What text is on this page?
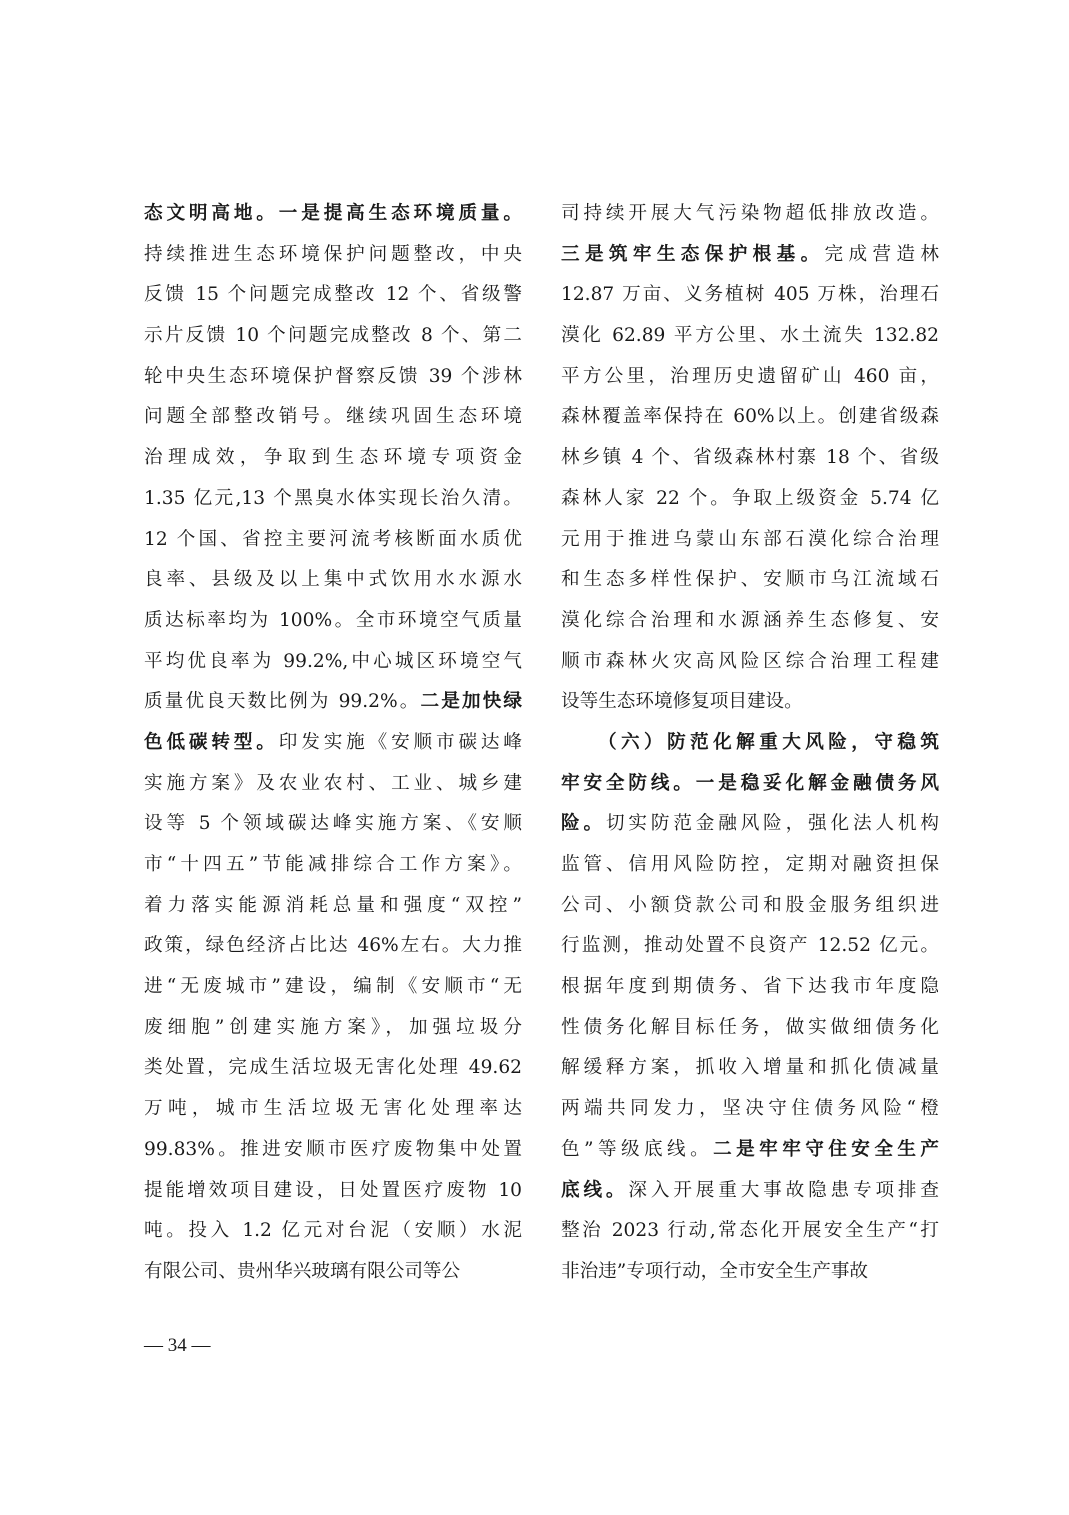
态文明高地。一是提高生态环境质量。
持续推进生态环境保护问题整改，中央
反馈 15 个问题完成整改 12 个、省级警
示片反馈 10 个问题完成整改 8 个、第二
轮中央生态环境保护督察反馈 39 个涉林
问题全部整改销号。继续巩固生态环境
治理成效，争取到生态环境专项资金
1.35 亿元,13 个黑臭水体实现长治久清。
12 个国、省控主要河流考核断面水质优
良率、县级及以上集中式饮用水水源水
质达标率均为 100%。全市环境空气质量
平均优良率为 99.2%,中心城区环境空气
质量优良天数比例为 99.2%。二是加快绿
色低碳转型。印发实施《安顺市碳达峰
实施方案》及农业农村、工业、城乡建
设等 5 个领域碳达峰实施方案、《安顺
市“十四五”节能减排综合工作方案》。
着力落实能源消耗总量和强度“双控”
政策，绿色经济占比达 46%左右。大力推
进“无废城市”建设，编制《安顺市“无
废细胞”创建实施方案》，加强垃圾分
类处置，完成生活垃圾无害化处理 49.62
万吨，城市生活垃圾无害化处理率达
99.83%。推进安顺市医疗废物集中处置
提能增效项目建设，日处置医疗废物 10
吨。投入 1.2 亿元对台泥（安顺）水泥
有限公司、贵州华兴玻璃有限公司等公
司持续开展大气污染物超低排放改造。
三是筑牢生态保护根基。完成营造林
12.87 万亩、义务植树 405 万株，治理石
漠化 62.89 平方公里、水土流失 132.82
平方公里，治理历史遗留矿山 460 亩，
森林覆盖率保持在 60%以上。创建省级森
林乡镇 4 个、省级森林村寨 18 个、省级
森林人家 22 个。争取上级资金 5.74 亿
元用于推进乌蒙山东部石漠化综合治理
和生态多样性保护、安顺市乌江流域石
漠化综合治理和水源涵养生态修复、安
顺市森林火灾高风险区综合治理工程建
设等生态环境修复项目建设。
（六）防范化解重大风险，守稳筑
牢安全防线。一是稳妥化解金融债务风
险。切实防范金融风险，强化法人机构
监管、信用风险防控，定期对融资担保
公司、小额贷款公司和股金服务组织进
行监测，推动处置不良资产 12.52 亿元。
根据年度到期债务、省下达我市年度隐
性债务化解目标任务，做实做细债务化
解缓释方案，抓收入增量和抓化债减量
两端共同发力，坚决守住债务风险“橙
色”等级底线。二是牢牢守住安全生产
底线。深入开展重大事故隐患专项排查
整治 2023 行动,常态化开展安全生产“打
非治违”专项行动，全市安全生产事故
— 34 —
